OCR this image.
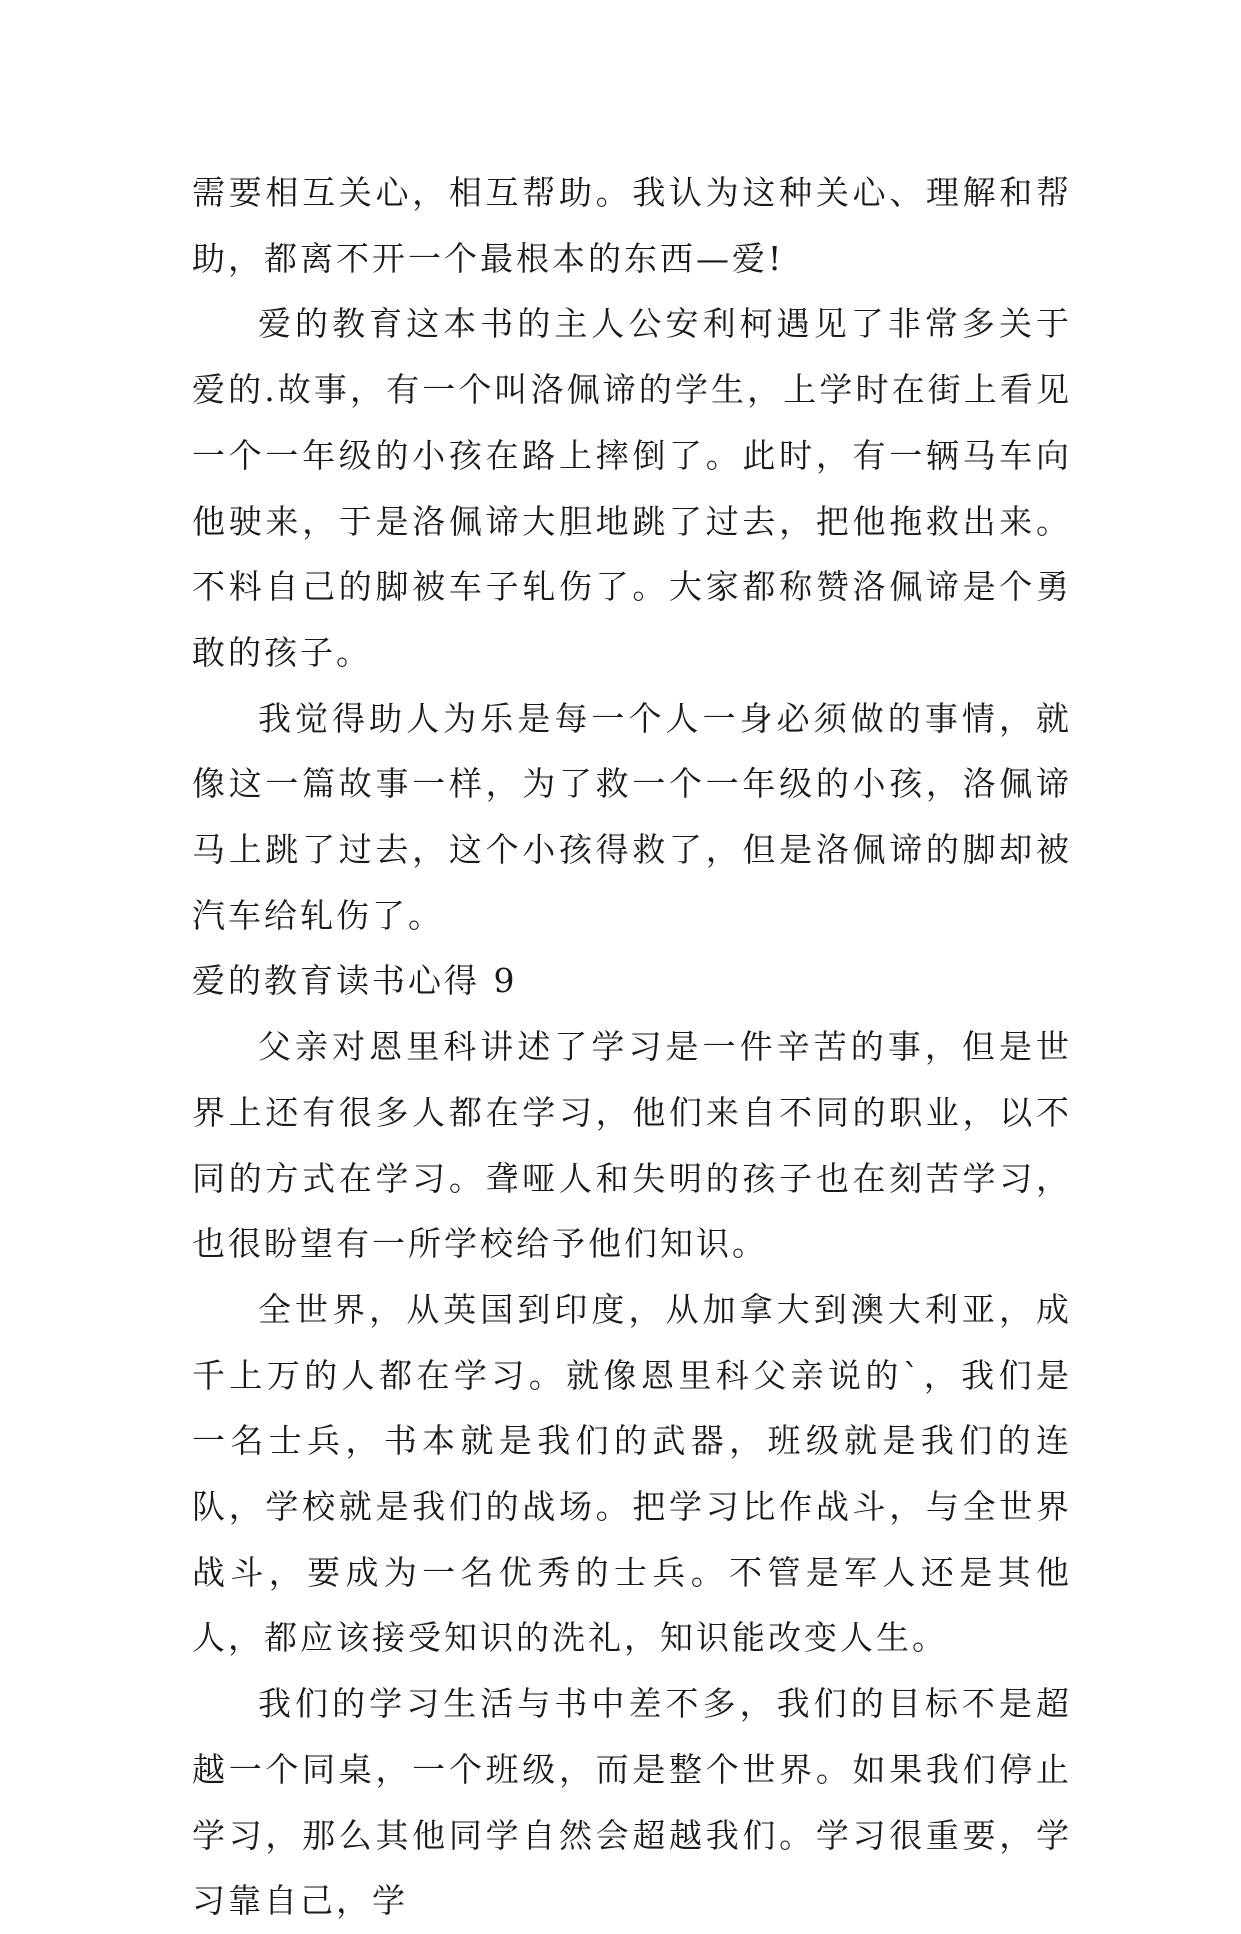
需要相互关心，相互帮助。我认为这种关心、理解和帮助，都离不开一个最根本的东西—爱!

爱的教育这本书的主人公安利柯遇见了非常多关于爱的.故事，有一个叫洛佩谛的学生，上学时在街上看见一个一年级的小孩在路上摔倒了。此时，有一辆马车向他驶来，于是洛佩谛大胆地跳了过去，把他拖救出来。不料自己的脚被车子轧伤了。大家都称赞洛佩谛是个勇敢的孩子。

我觉得助人为乐是每一个人一身必须做的事情，就像这一篇故事一样，为了救一个一年级的小孩，洛佩谛马上跳了过去，这个小孩得救了，但是洛佩谛的脚却被汽车给轧伤了。

爱的教育读书心得 9

父亲对恩里科讲述了学习是一件辛苦的事，但是世界上还有很多人都在学习，他们来自不同的职业，以不同的方式在学习。聋哑人和失明的孩子也在刻苦学习，也很盼望有一所学校给予他们知识。

全世界，从英国到印度，从加拿大到澳大利亚，成千上万的人都在学习。就像恩里科父亲说的`，我们是一名士兵，书本就是我们的武器，班级就是我们的连队，学校就是我们的战场。把学习比作战斗，与全世界战斗，要成为一名优秀的士兵。不管是军人还是其他人，都应该接受知识的洗礼，知识能改变人生。

我们的学习生活与书中差不多，我们的目标不是超越一个同桌，一个班级，而是整个世界。如果我们停止学习，那么其他同学自然会超越我们。学习很重要，学习靠自己，学
